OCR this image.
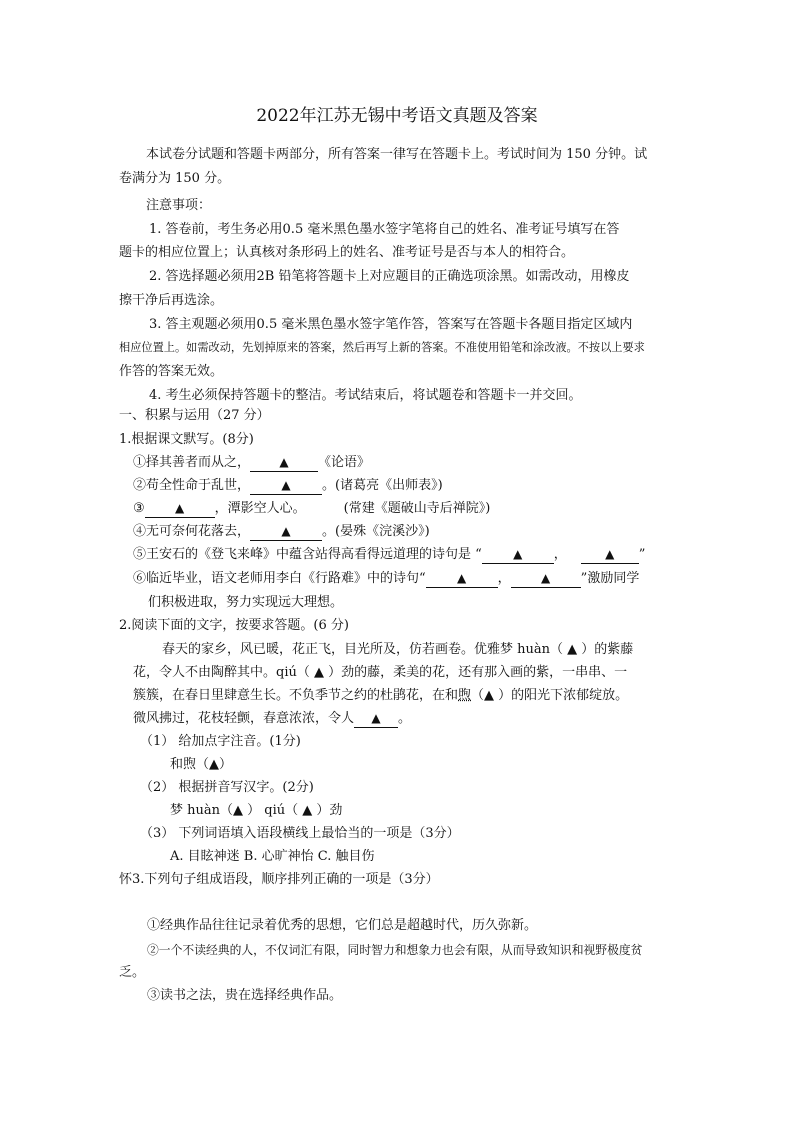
2022年江苏无锡中考语文真题及答案
本试卷分试题和答题卡两部分，所有答案一律写在答题卡上。考试时间为 150 分钟。试
卷满分为 150 分。
注意事项：
1. 答卷前，考生务必用0.5 毫米黑色墨水签字笔将自己的姓名、准考证号填写在答
题卡的相应位置上；认真核对条形码上的姓名、准考证号是否与本人的相符合。
2. 答选择题必须用2B 铅笔将答题卡上对应题目的正确选项涂黑。如需改动，用橡皮
擦干净后再选涂。
3. 答主观题必须用0.5 毫米黑色墨水签字笔作答，答案写在答题卡各题目指定区域内
相应位置上。如需改动，先划掉原来的答案，然后再写上新的答案。不准使用铅笔和涂改液。不按以上要求
作答的答案无效。
4. 考生必须保持答题卡的整洁。考试结束后，将试题卷和答题卡一并交回。
一、积累与运用（27 分）
1.根据课文默写。(8分)
①择其善者而从之， ▲ 《论语》
②苟全性命于乱世，	▲ 。(诸葛亮《出师表》)
③	▲ ，潭影空人心。	(常建《题破山寺后禅院》)
④无可奈何花落去，	▲ 。(晏殊《浣溪沙》)
⑤王安石的《登飞来峰》中蕴含站得高看得远道理的诗句是 “	▲ ，	▲ ”
⑥临近毕业，语文老师用李白《行路难》中的诗句“	▲ ，	▲ ”激励同学
们积极进取，努力实现远大理想。
2.阅读下面的文字，按要求答题。(6 分)
春天的家乡，风已暖，花正飞，目光所及，仿若画卷。优雅梦 huàn（ ▲ ）的紫藤
花，令人不由陶醉其中。qiú（ ▲ ）劲的藤，柔美的花，还有那入画的紫，一串串、一
簇簇，在春日里肆意生长。不负季节之约的杜鹃花，在和煦（▲ ）的阳光下浓郁绽放。
微风拂过，花枝轻颤，春意浓浓，令人 ▲ 。
（1） 给加点字注音。(1分)
和煦（▲）
（2） 根据拼音写汉字。(2分)
梦 huàn（▲ ） qiú（ ▲ ）劲
（3） 下列词语填入语段横线上最恰当的一项是（3分）
A. 目眩神迷 B. 心旷神怡 C. 触目伤
怀3.下列句子组成语段，顺序排列正确的一项是（3分）
①经典作品往往记录着优秀的思想，它们总是超越时代，历久弥新。
②一个不读经典的人，不仅词汇有限，同时智力和想象力也会有限，从而导致知识和视野极度贫
乏。
③读书之法，贵在选择经典作品。
